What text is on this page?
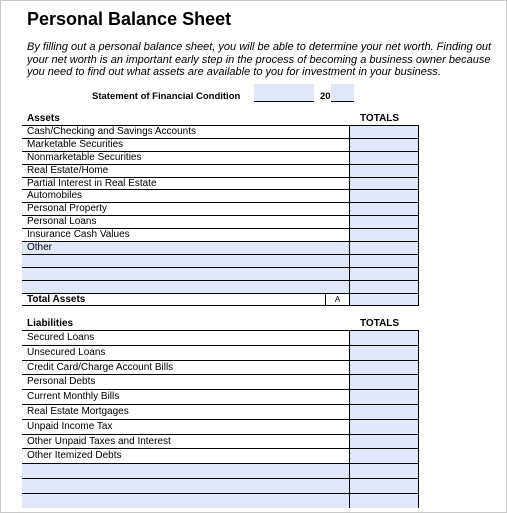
Personal Balance Sheet
By filling out a personal balance sheet, you will be able to determine your net worth. Finding out your net worth is an important early step in the process of becoming a business owner because you need to find out what assets are available to you for investment in your business.
Statement of Financial Condition	20
Assets	TOTALS
Cash/Checking and Savings Accounts
Marketable Securities
Nonmarketable Securities
Real Estate/Home
Partial Interest in Real Estate
Automobiles
Personal Property
Personal Loans
Insurance Cash Values
Other
Total Assets	A
Liabilities	TOTALS
Secured Loans
Unsecured Loans
Credit Card/Charge Account Bills
Personal Debts
Current Monthly Bills
Real Estate Mortgages
Unpaid Income Tax
Other Unpaid Taxes and Interest
Other Itemized Debts
